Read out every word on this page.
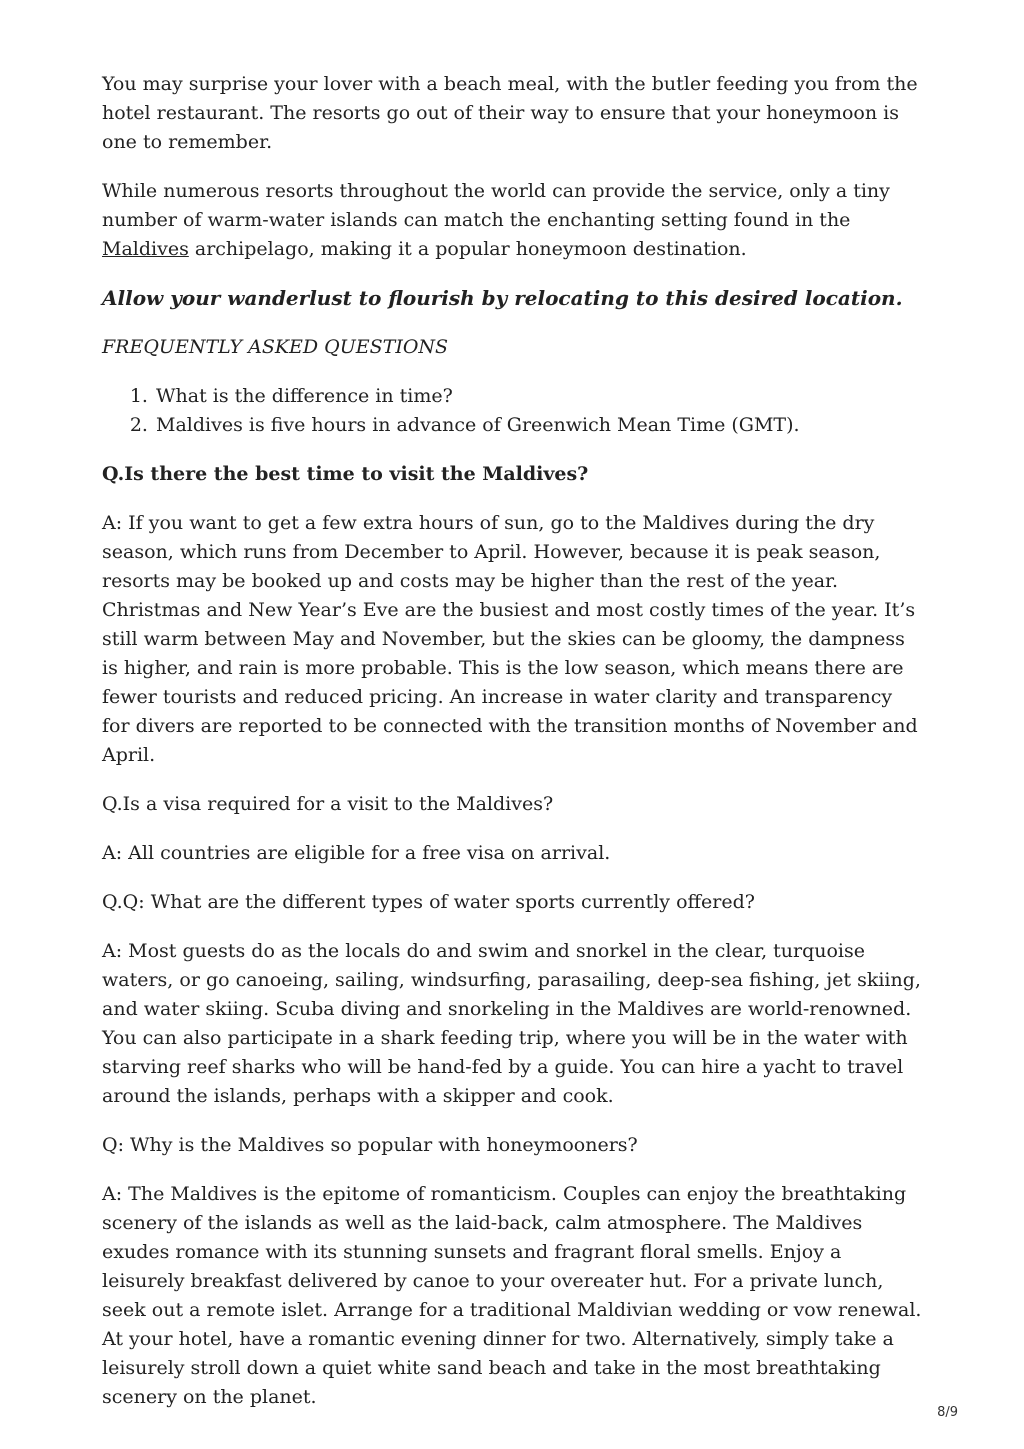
You may surprise your lover with a beach meal, with the butler feeding you from the hotel restaurant. The resorts go out of their way to ensure that your honeymoon is one to remember.

While numerous resorts throughout the world can provide the service, only a tiny number of warm-water islands can match the enchanting setting found in the Maldives archipelago, making it a popular honeymoon destination.

Allow your wanderlust to flourish by relocating to this desired location.

FREQUENTLY ASKED QUESTIONS

1. What is the difference in time?
2. Maldives is five hours in advance of Greenwich Mean Time (GMT).

Q.Is there the best time to visit the Maldives?

A: If you want to get a few extra hours of sun, go to the Maldives during the dry season, which runs from December to April. However, because it is peak season, resorts may be booked up and costs may be higher than the rest of the year. Christmas and New Year’s Eve are the busiest and most costly times of the year. It’s still warm between May and November, but the skies can be gloomy, the dampness is higher, and rain is more probable. This is the low season, which means there are fewer tourists and reduced pricing. An increase in water clarity and transparency for divers are reported to be connected with the transition months of November and April.

Q.Is a visa required for a visit to the Maldives?

A: All countries are eligible for a free visa on arrival.

Q.Q: What are the different types of water sports currently offered?

A: Most guests do as the locals do and swim and snorkel in the clear, turquoise waters, or go canoeing, sailing, windsurfing, parasailing, deep-sea fishing, jet skiing, and water skiing. Scuba diving and snorkeling in the Maldives are world-renowned. You can also participate in a shark feeding trip, where you will be in the water with starving reef sharks who will be hand-fed by a guide. You can hire a yacht to travel around the islands, perhaps with a skipper and cook.

Q: Why is the Maldives so popular with honeymooners?

A: The Maldives is the epitome of romanticism. Couples can enjoy the breathtaking scenery of the islands as well as the laid-back, calm atmosphere. The Maldives exudes romance with its stunning sunsets and fragrant floral smells. Enjoy a leisurely breakfast delivered by canoe to your overeater hut. For a private lunch, seek out a remote islet. Arrange for a traditional Maldivian wedding or vow renewal. At your hotel, have a romantic evening dinner for two. Alternatively, simply take a leisurely stroll down a quiet white sand beach and take in the most breathtaking scenery on the planet.

8/9
